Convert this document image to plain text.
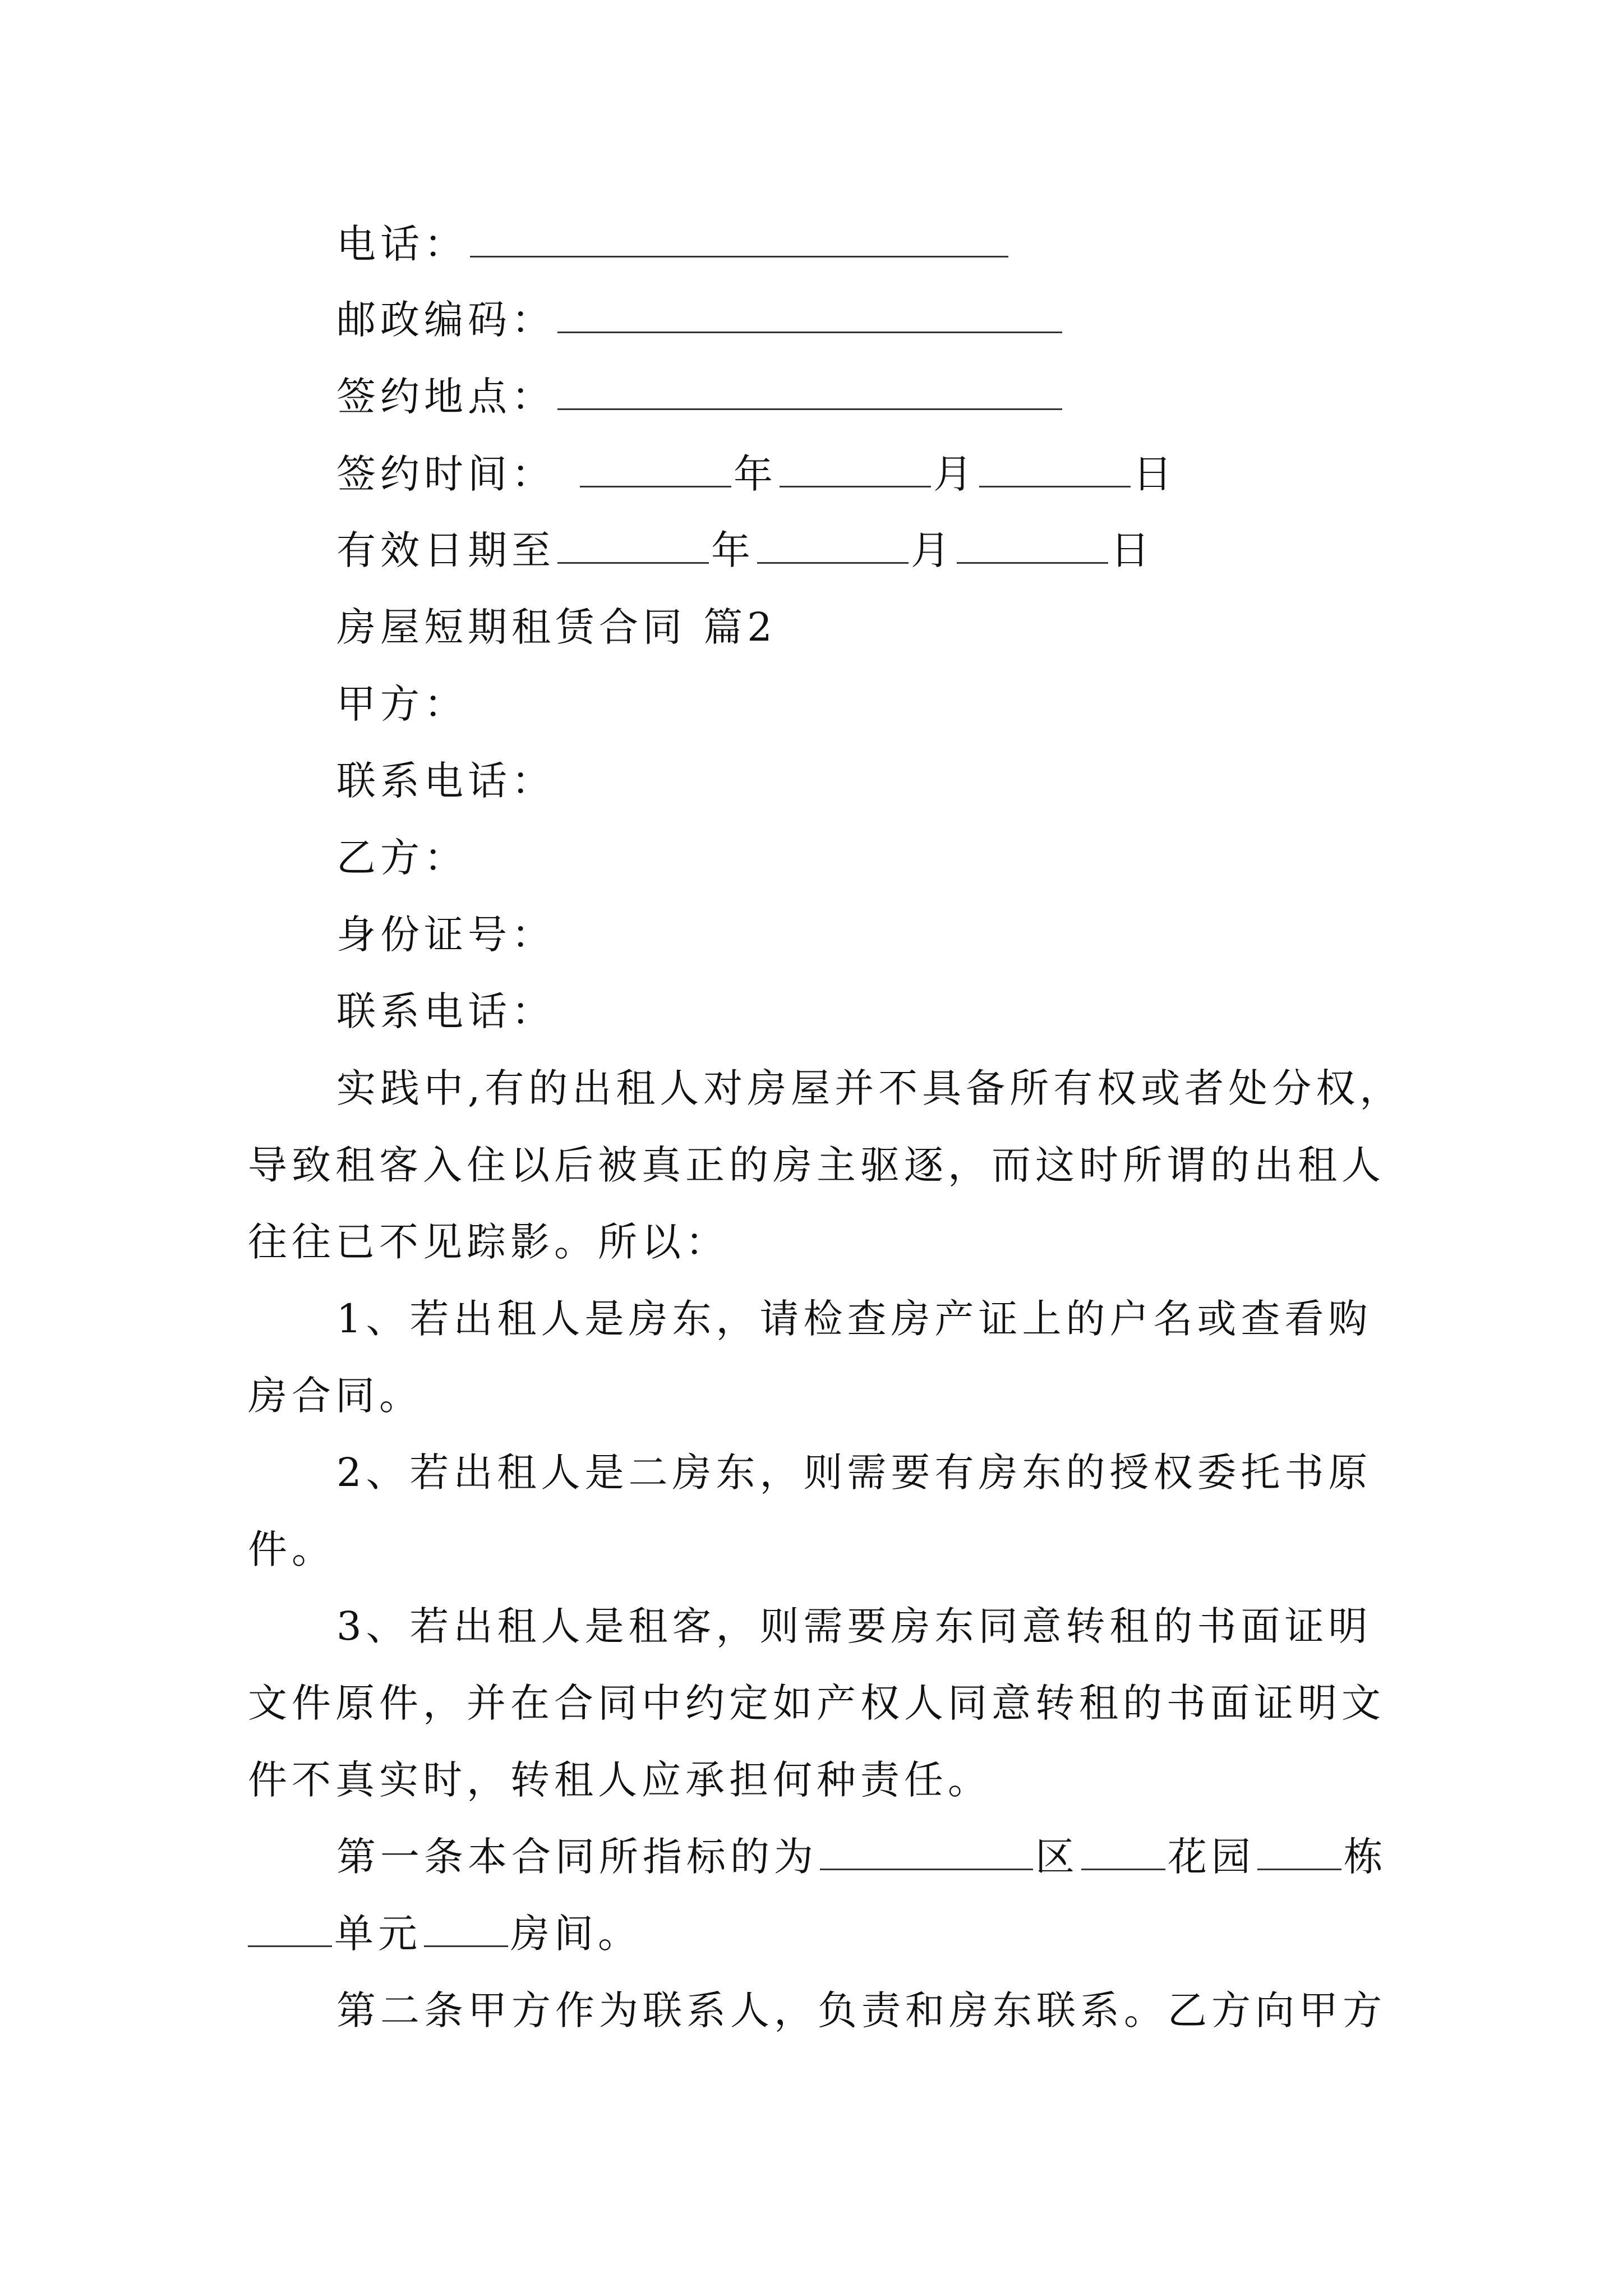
电话：
邮政编码：
签约地点：
签约时间：	年	月	日
有效日期至	年	月	日
房屋短期租赁合同 篇2
甲方：
联系电话：
乙方：
身份证号：
联系电话：
实践中,有的出租人对房屋并不具备所有权或者处分权，
导致租客入住以后被真正的房主驱逐，而这时所谓的出租人
往往已不见踪影。所以：
1、若出租人是房东，请检查房产证上的户名或查看购
房合同。
2、若出租人是二房东，则需要有房东的授权委托书原
件。
3、若出租人是租客，则需要房东同意转租的书面证明
文件原件，并在合同中约定如产权人同意转租的书面证明文
件不真实时，转租人应承担何种责任。
第一条本合同所指标的为	区 花园 栋
单元 房间。
第二条甲方作为联系人，负责和房东联系。乙方向甲方
